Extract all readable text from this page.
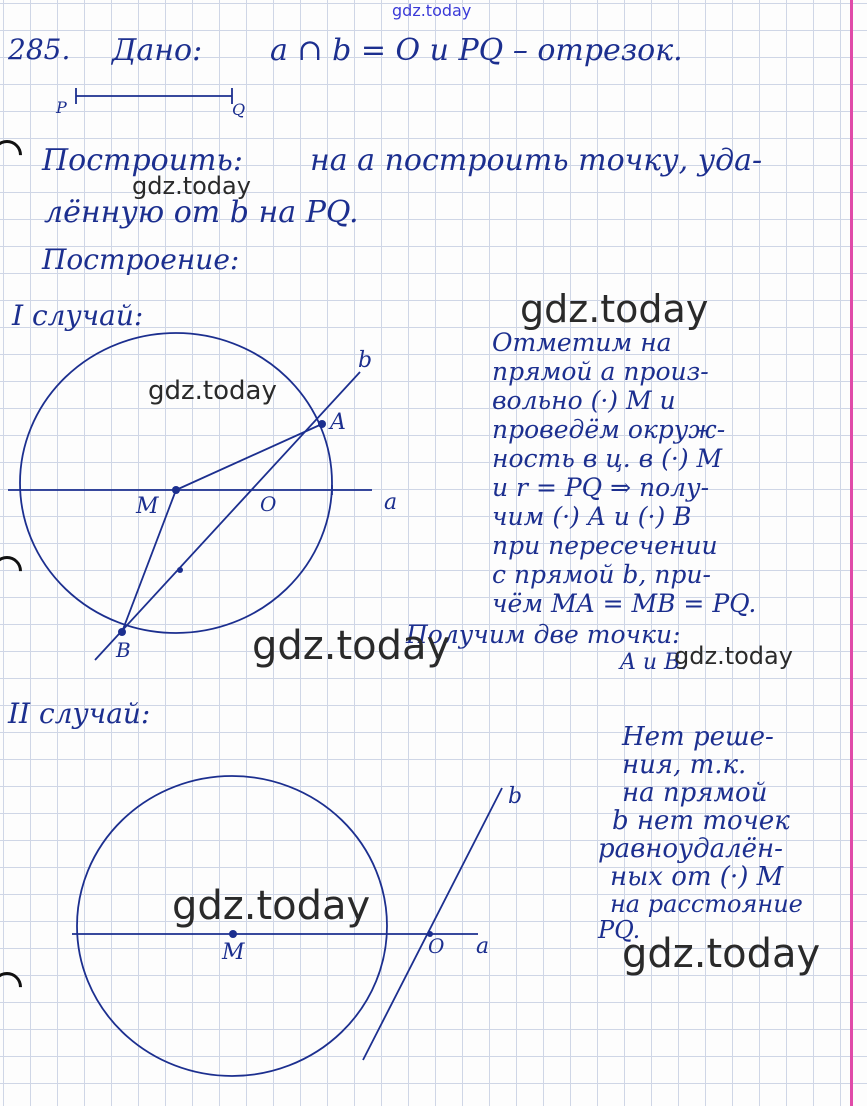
gdz.today
285. Дано: a ∩ b = O и PQ – отрезок.
P	Q
Построить: на a построить точку, уда-
лённую от b на PQ.
gdz.today
Построение:
I случай:
gdz.today
gdz.today
b
A
M	O	a
B
Отметим на
прямой a произ-
вольно (·) M и
проведём окруж-
ность в ц. в (·) M
и r = PQ ⇒ полу-
чим (·) A и (·) B
при пересечении
с прямой b, при-
чём MA = MB = PQ.
Получим две точки:
A и B.
gdz.today	gdz.today
II случай:
b
M	O a
gdz.today
Нет реше-
ния, т.к.
на прямой
b нет точек
равноудалён-
ных от (·) M
на расстояние
PQ.
gdz.today
